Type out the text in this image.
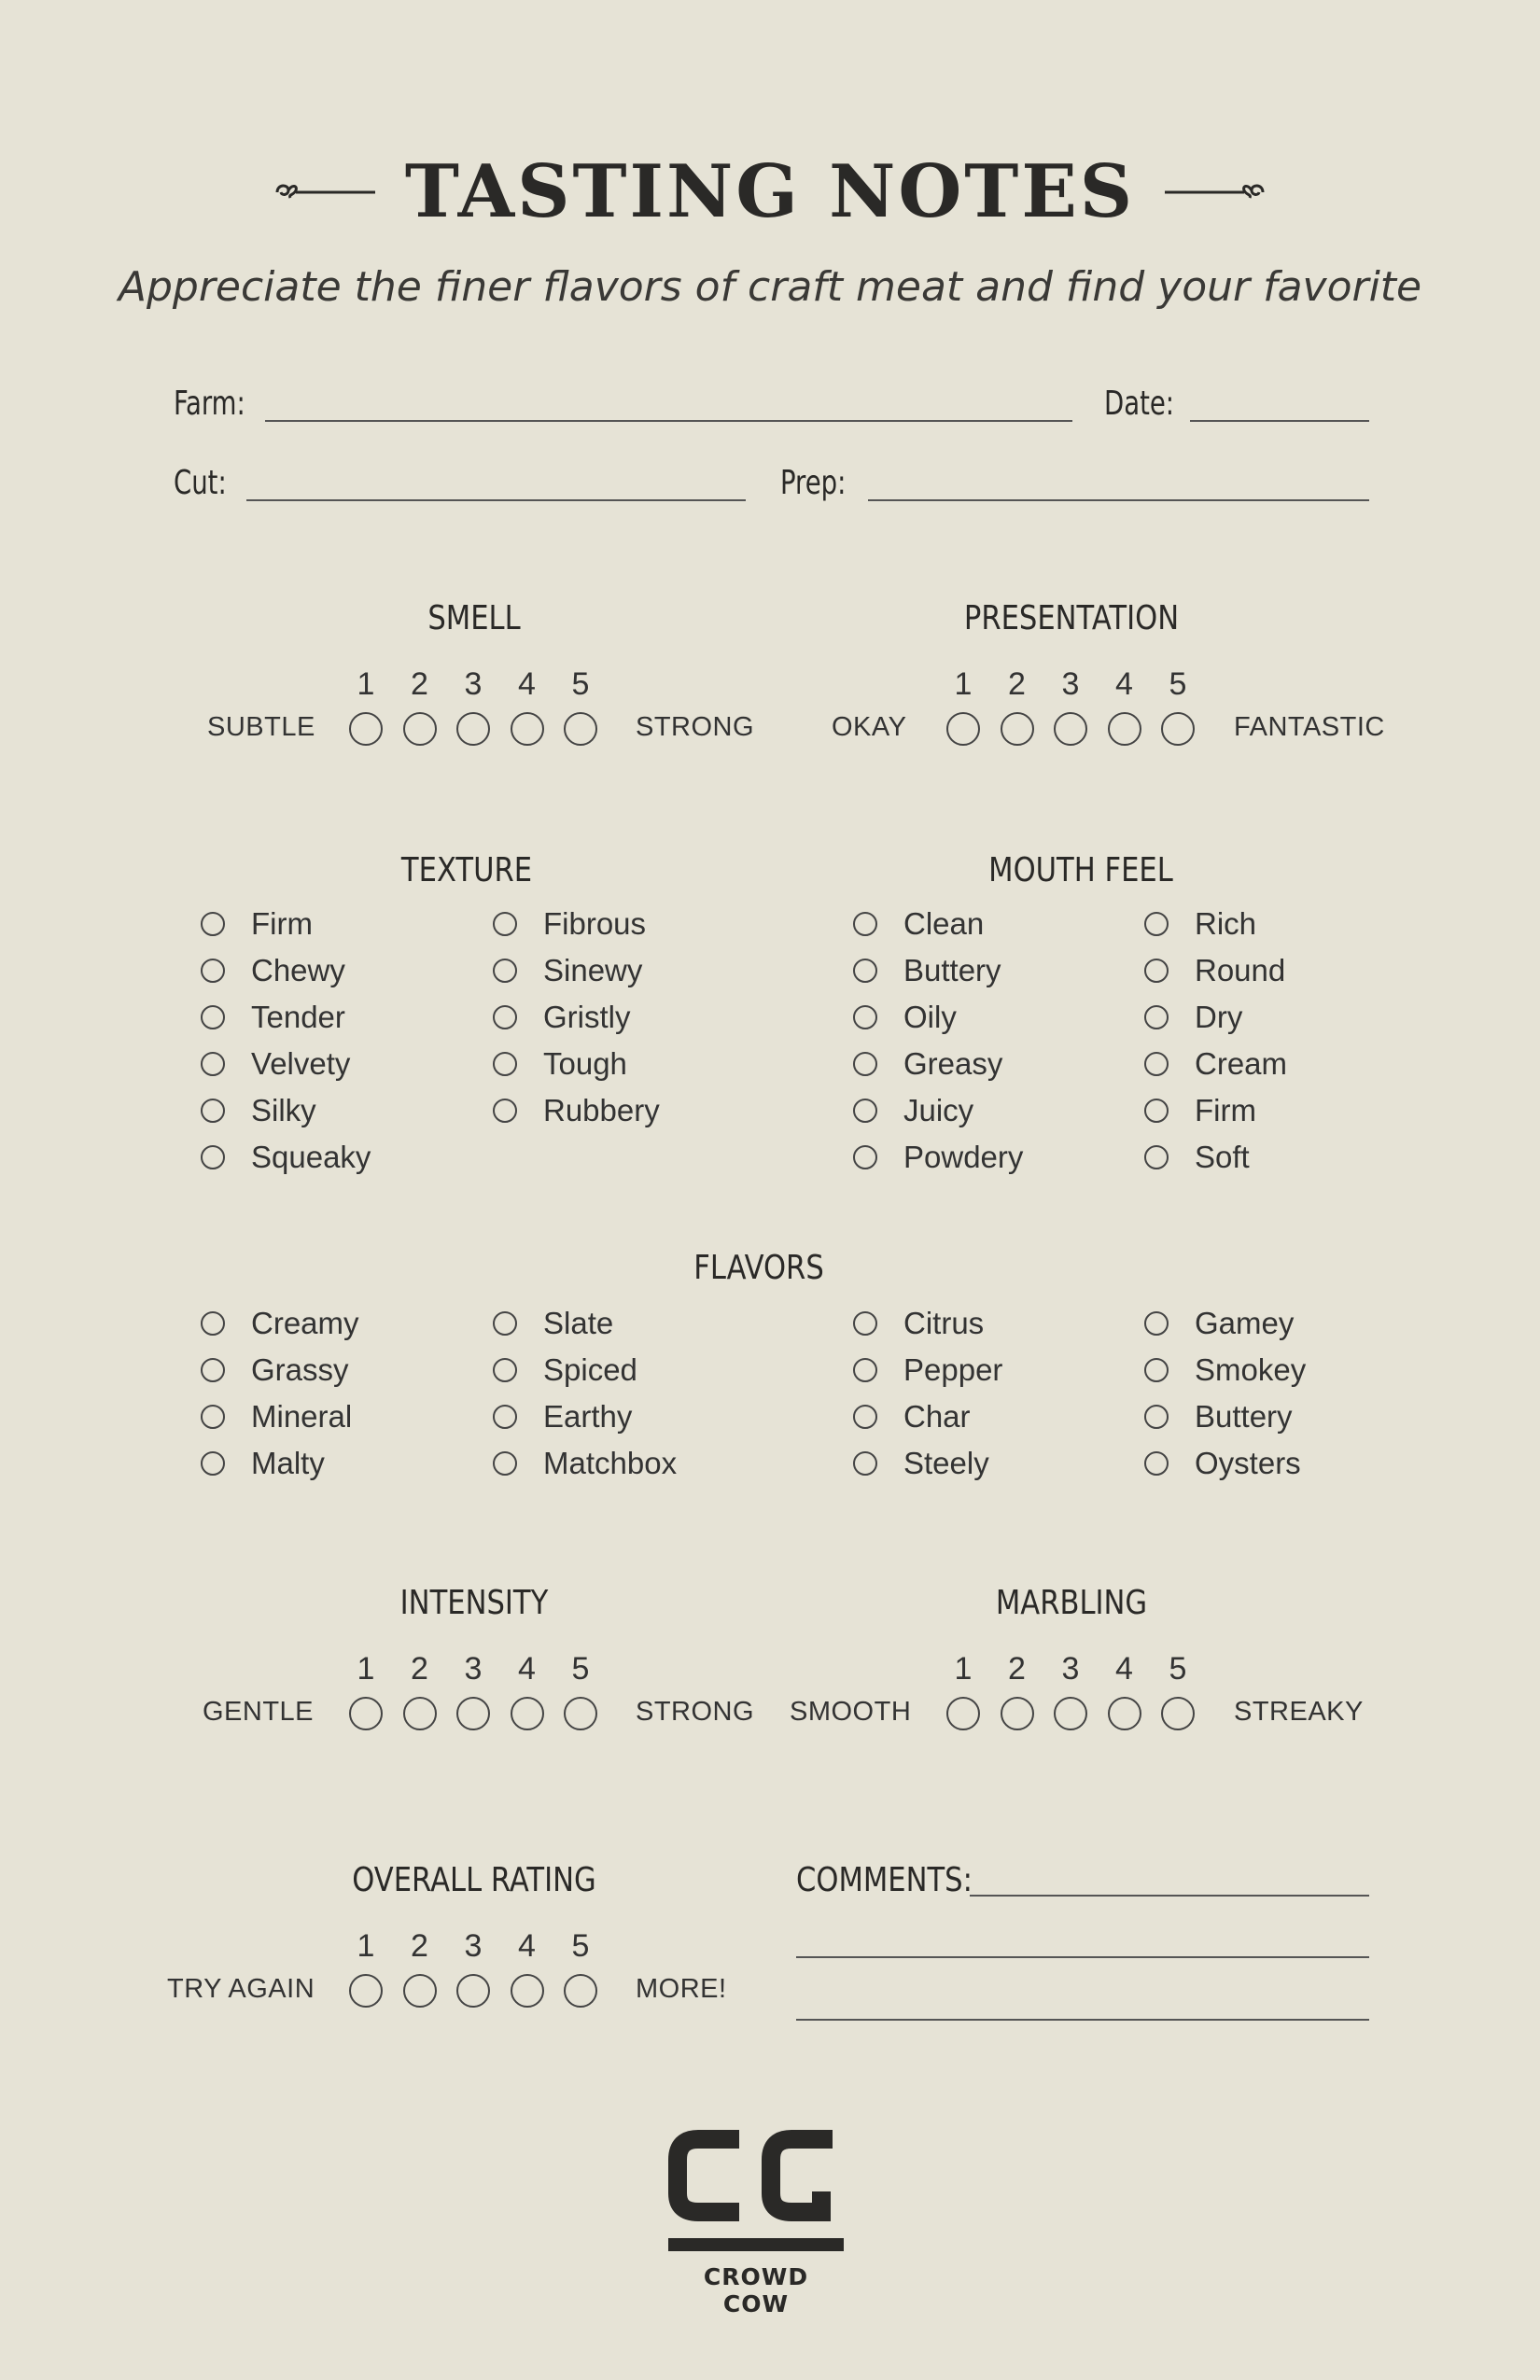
TASTING NOTES
Appreciate the finer flavors of craft meat and find your favorite
Farm:	Date:
Cut:	Prep:
SMELL
SUBTLE	STRONG
1	2	3	4	5
PRESENTATION
OKAY	FANTASTIC
1	2	3	4	5
TEXTURE
Firm
Chewy
Tender
Velvety
Silky
Squeaky
Fibrous
Sinewy
Gristly
Tough
Rubbery
MOUTH FEEL
Clean
Buttery
Oily
Greasy
Juicy
Powdery
Rich
Round
Dry
Cream
Firm
Soft
FLAVORS
Creamy
Grassy
Mineral
Malty
Slate
Spiced
Earthy
Matchbox
Citrus
Pepper
Char
Steely
Gamey
Smokey
Buttery
Oysters
INTENSITY
GENTLE	STRONG
1	2	3	4	5
MARBLING
SMOOTH	STREAKY
1	2	3	4	5
OVERALL RATING
TRY AGAIN	MORE!
1	2	3	4	5
COMMENTS:
CROWD COW
